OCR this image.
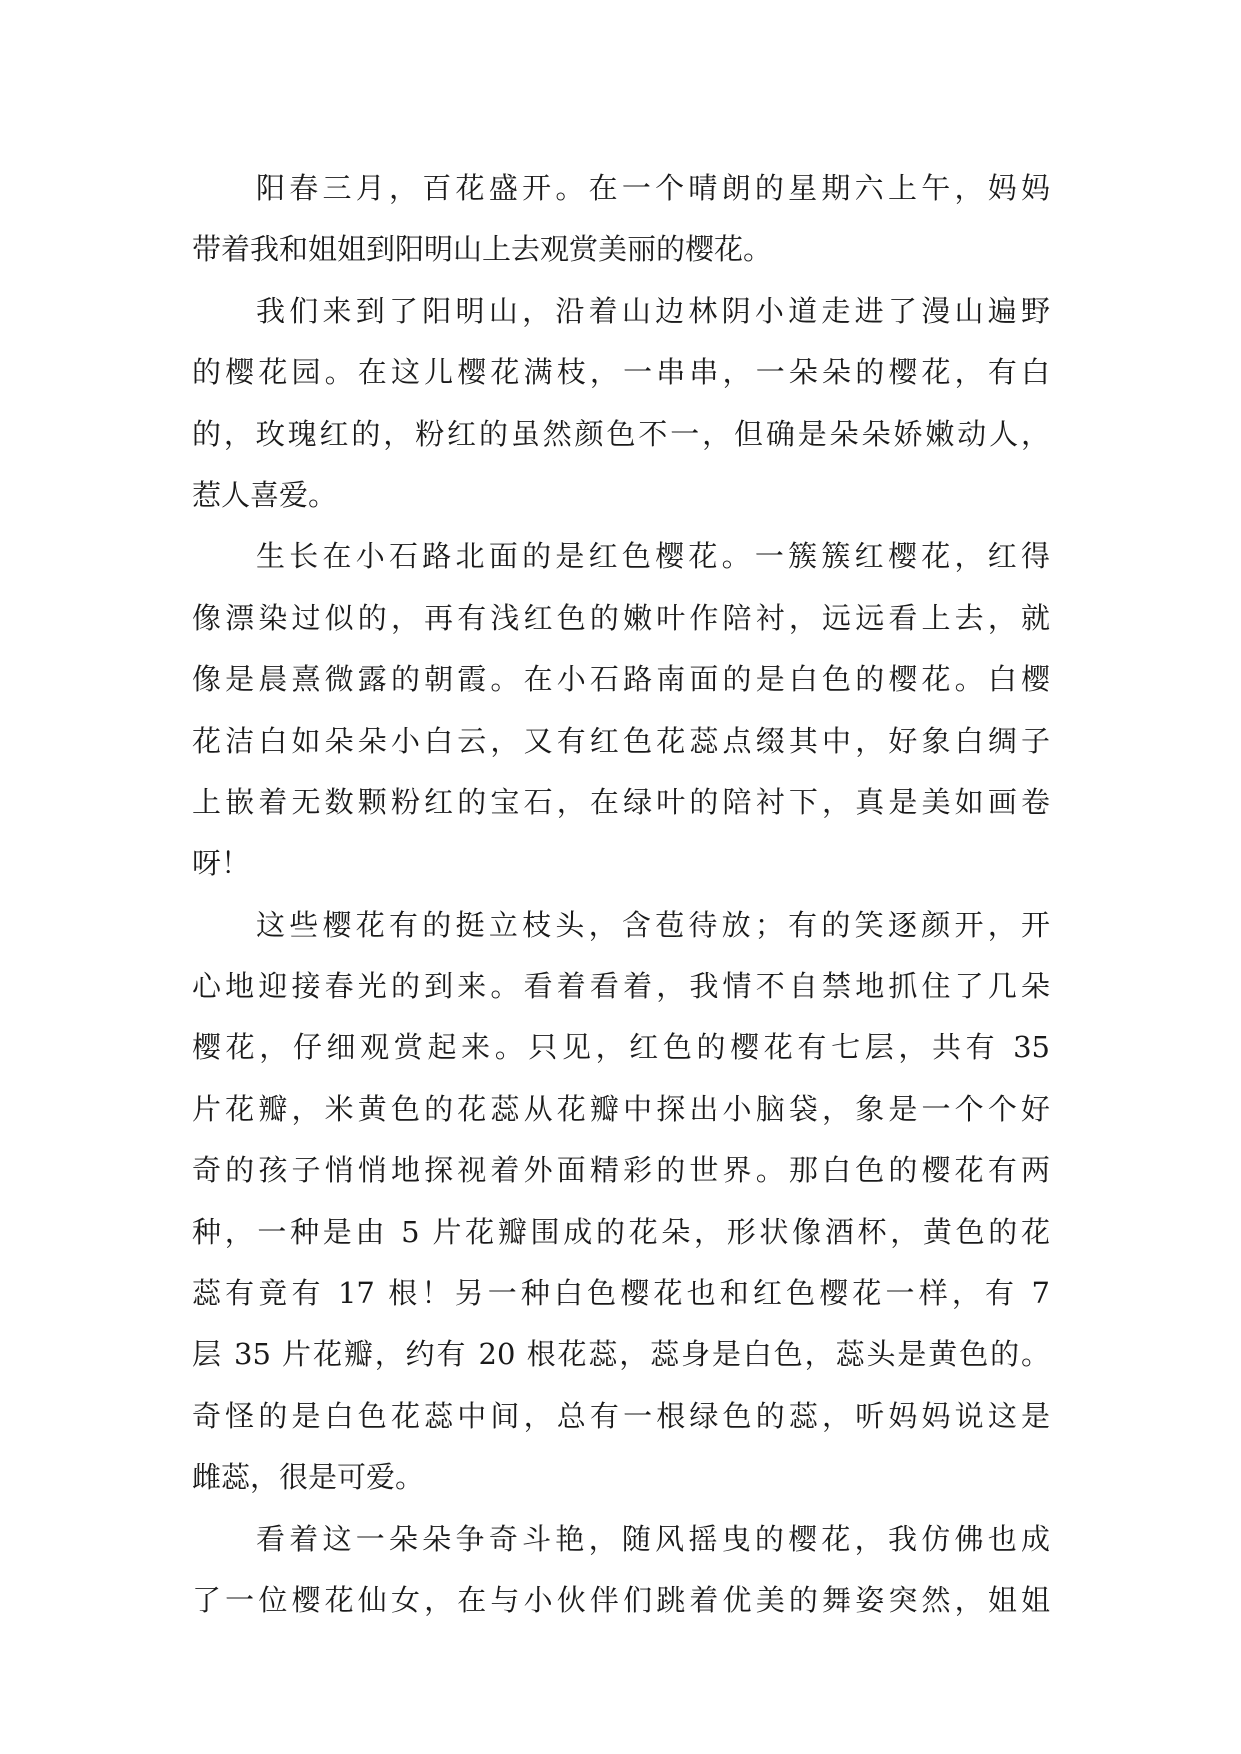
阳春三月，百花盛开。在一个晴朗的星期六上午，妈妈
带着我和姐姐到阳明山上去观赏美丽的樱花。
我们来到了阳明山，沿着山边林阴小道走进了漫山遍野
的樱花园。在这儿樱花满枝，一串串，一朵朵的樱花，有白
的，玫瑰红的，粉红的虽然颜色不一，但确是朵朵娇嫩动人，
惹人喜爱。
生长在小石路北面的是红色樱花。一簇簇红樱花，红得
像漂染过似的，再有浅红色的嫩叶作陪衬，远远看上去，就
像是晨熹微露的朝霞。在小石路南面的是白色的樱花。白樱
花洁白如朵朵小白云，又有红色花蕊点缀其中，好象白绸子
上嵌着无数颗粉红的宝石，在绿叶的陪衬下，真是美如画卷
呀！
这些樱花有的挺立枝头，含苞待放；有的笑逐颜开，开
心地迎接春光的到来。看着看着，我情不自禁地抓住了几朵
樱花，仔细观赏起来。只见，红色的樱花有七层，共有 35
片花瓣，米黄色的花蕊从花瓣中探出小脑袋，象是一个个好
奇的孩子悄悄地探视着外面精彩的世界。那白色的樱花有两
种，一种是由 5 片花瓣围成的花朵，形状像酒杯，黄色的花
蕊有竟有 17 根！另一种白色樱花也和红色樱花一样，有 7
层 35 片花瓣，约有 20 根花蕊，蕊身是白色，蕊头是黄色的。
奇怪的是白色花蕊中间，总有一根绿色的蕊，听妈妈说这是
雌蕊，很是可爱。
看着这一朵朵争奇斗艳，随风摇曳的樱花，我仿佛也成
了一位樱花仙女，在与小伙伴们跳着优美的舞姿突然，姐姐
